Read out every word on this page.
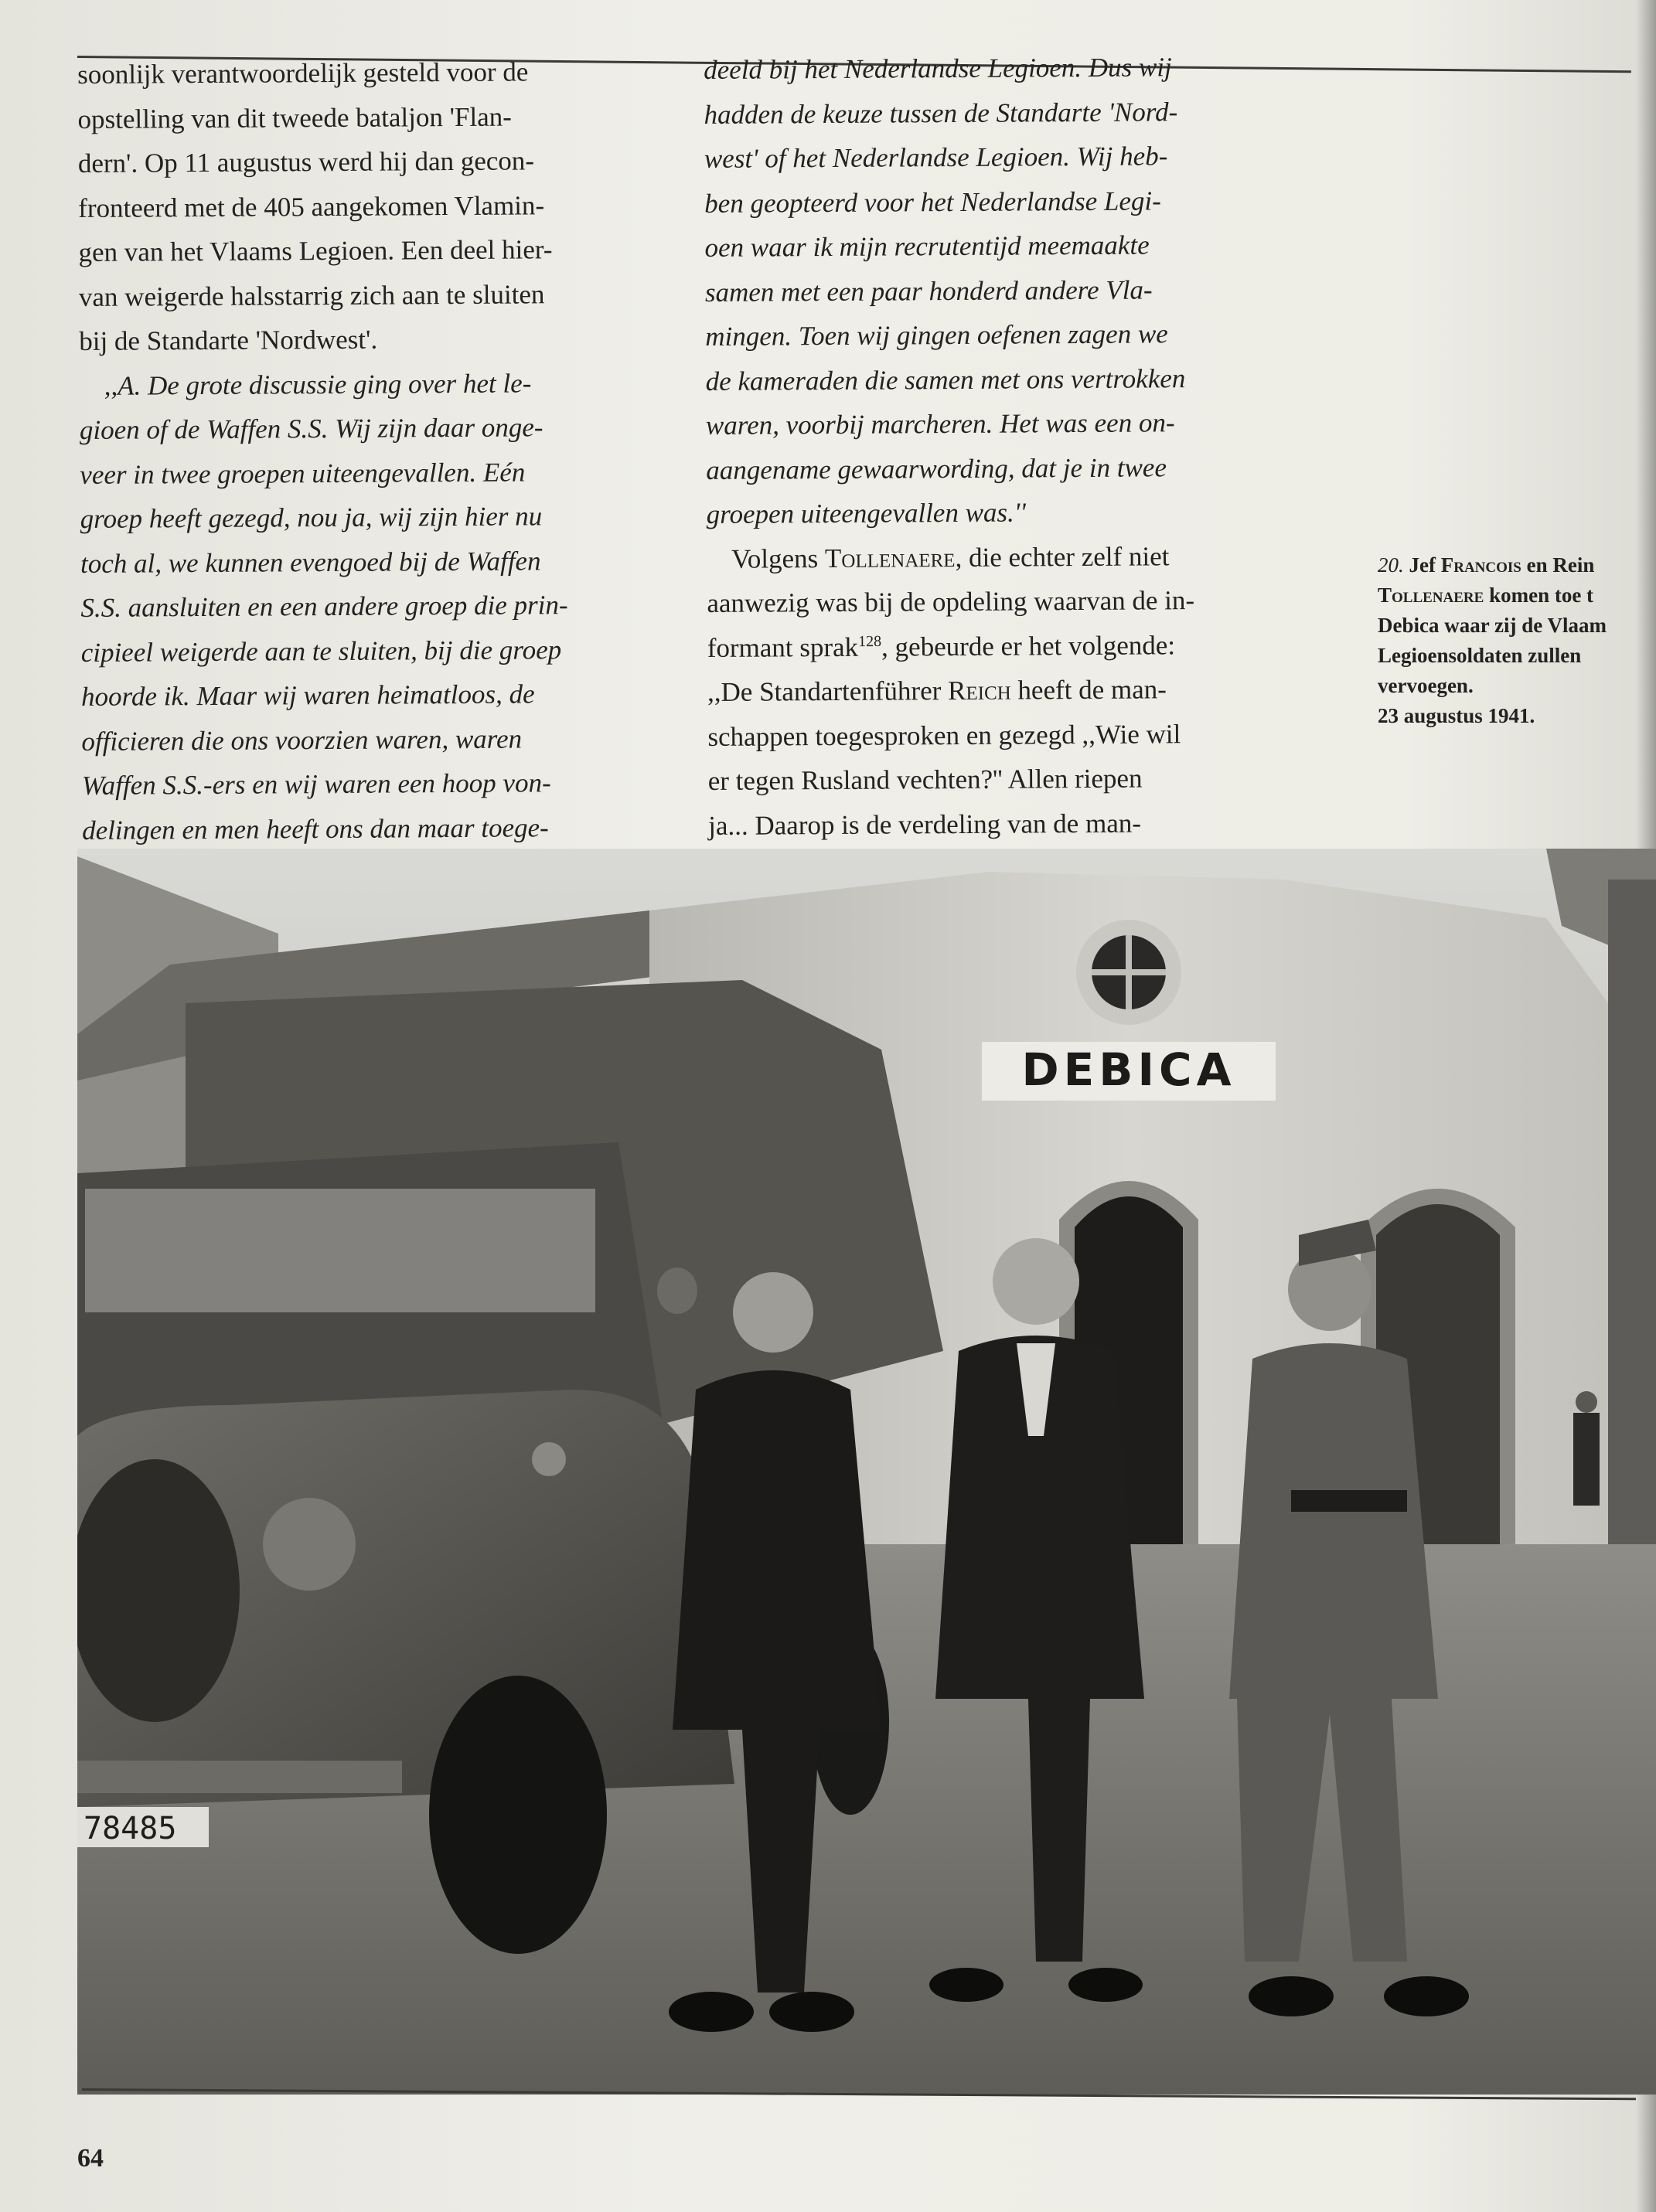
soonlijk verantwoordelijk gesteld voor de
opstelling van dit tweede bataljon 'Flan-
dern'. Op 11 augustus werd hij dan gecon-
fronteerd met de 405 aangekomen Vlamin-
gen van het Vlaams Legioen. Een deel hier-
van weigerde halsstarrig zich aan te sluiten
bij de Standarte 'Nordwest'.

,,A. De grote discussie ging over het le-
gioen of de Waffen S.S. Wij zijn daar onge-
veer in twee groepen uiteengevallen. Eén
groep heeft gezegd, nou ja, wij zijn hier nu
toch al, we kunnen evengoed bij de Waffen
S.S. aansluiten en een andere groep die prin-
cipieel weigerde aan te sluiten, bij die groep
hoorde ik. Maar wij waren heimatloos, de
officieren die ons voorzien waren, waren
Waffen S.S.-ers en wij waren een hoop von-
delingen en men heeft ons dan maar toege-

deeld bij het Nederlandse Legioen. Dus wij
hadden de keuze tussen de Standarte 'Nord-
west' of het Nederlandse Legioen. Wij heb-
ben geopteerd voor het Nederlandse Legi-
oen waar ik mijn recrutentijd meemaakte
samen met een paar honderd andere Vla-
mingen. Toen wij gingen oefenen zagen we
de kameraden die samen met ons vertrokken
waren, voorbij marcheren. Het was een on-
aangename gewaarwording, dat je in twee
groepen uiteengevallen was.''

Volgens Tollenaere, die echter zelf niet
aanwezig was bij de opdeling waarvan de in-
formant sprak$^{128}$, gebeurde er het volgende:
,,De Standartenführer Reich heeft de man-
schappen toegesproken en gezegd ,,Wie wil
er tegen Rusland vechten?'' Allen riepen
ja... Daarop is de verdeling van de man-

20. Jef Francois en Rein
Tollenaere komen toe t
Debica waar zij de Vlaam
Legioensoldaten zullen
vervoegen.
23 augustus 1941.
DEBICA
78485
64
